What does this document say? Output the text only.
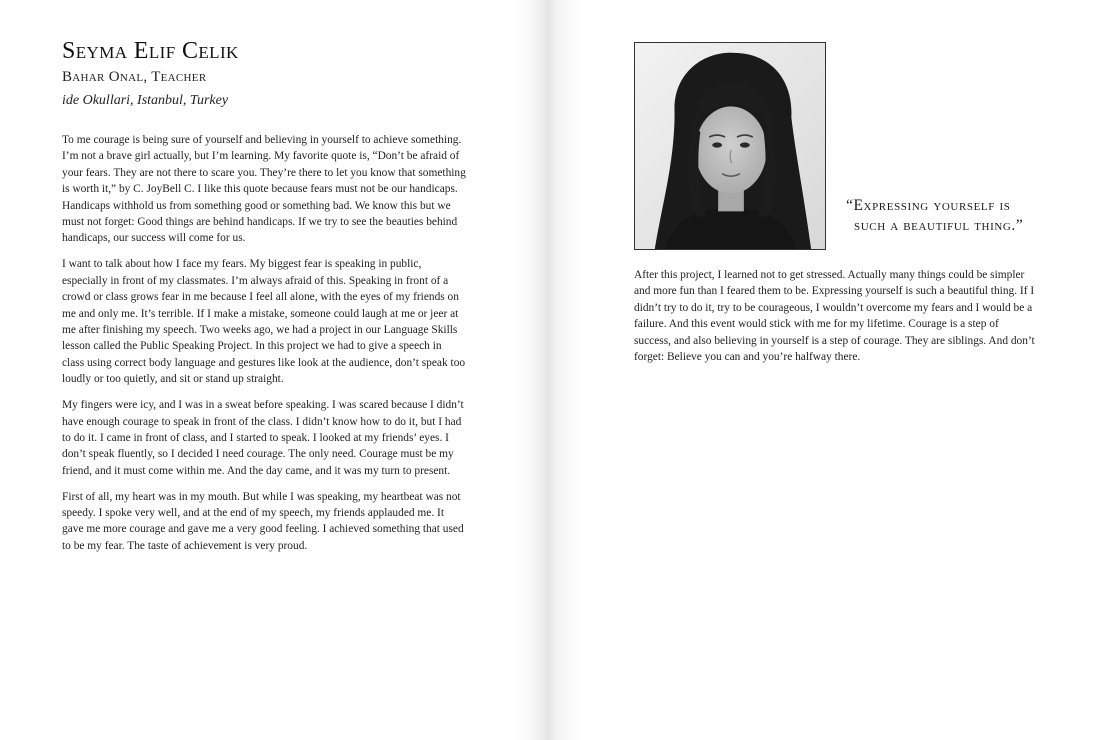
Seyma Elif Celik
Bahar Onal, Teacher
ide Okullari, Istanbul, Turkey

To me courage is being sure of yourself and believing in yourself to achieve something. I’m not a brave girl actually, but I’m learning. My favorite quote is, “Don’t be afraid of your fears. They are not there to scare you. They’re there to let you know that something is worth it,” by C. JoyBell C. I like this quote because fears must not be our handicaps. Handicaps withhold us from something good or something bad. We know this but we must not forget: Good things are behind handicaps. If we try to see the beauties behind handicaps, our success will come for us.

I want to talk about how I face my fears. My biggest fear is speaking in public, especially in front of my classmates. I’m always afraid of this. Speaking in front of a crowd or class grows fear in me because I feel all alone, with the eyes of my friends on me and only me. It’s terrible. If I make a mistake, someone could laugh at me or jeer at me after finishing my speech. Two weeks ago, we had a project in our Language Skills lesson called the Public Speaking Project. In this project we had to give a speech in class using correct body language and gestures like look at the audience, don’t speak too loudly or too quietly, and sit or stand up straight.

My fingers were icy, and I was in a sweat before speaking. I was scared because I didn’t have enough courage to speak in front of the class. I didn’t know how to do it, but I had to do it. I came in front of class, and I started to speak. I looked at my friends’ eyes. I don’t speak fluently, so I decided I need courage. The only need. Courage must be my friend, and it must come within me. And the day came, and it was my turn to present.

First of all, my heart was in my mouth. But while I was speaking, my heartbeat was not speedy. I spoke very well, and at the end of my speech, my friends applauded me. It gave me more courage and gave me a very good feeling. I achieved something that used to be my fear. The taste of achievement is very proud.

“Expressing yourself is such a beautiful thing.”
After this project, I learned not to get stressed. Actually many things could be simpler and more fun than I feared them to be. Expressing yourself is such a beautiful thing. If I didn’t try to do it, try to be courageous, I wouldn’t overcome my fears and I would be a failure. And this event would stick with me for my lifetime. Courage is a step of success, and also believing in yourself is a step of courage. They are siblings. And don’t forget: Believe you can and you’re halfway there.
